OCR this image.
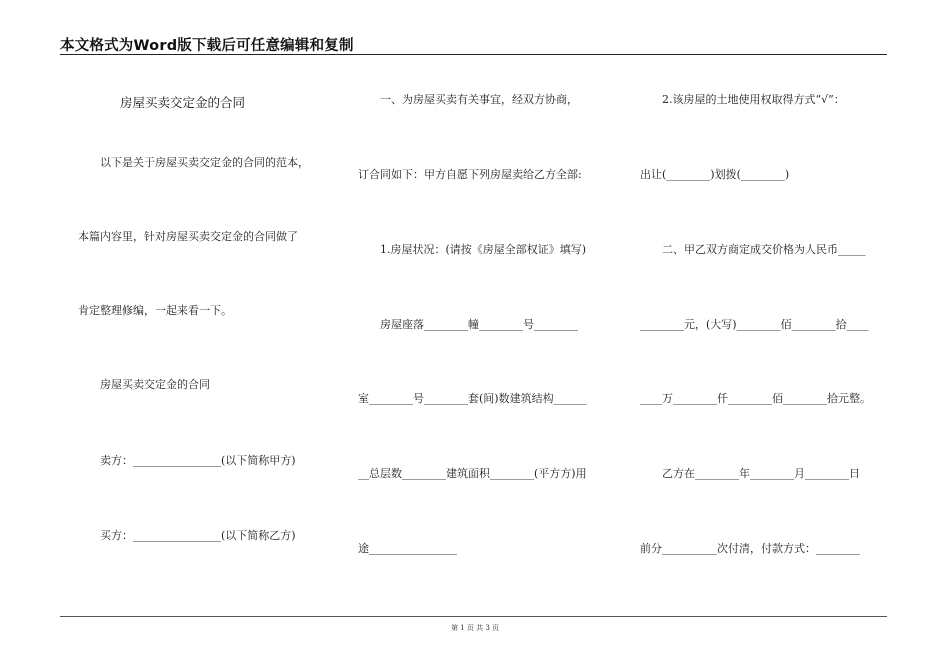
本文格式为Word版下载后可任意编辑和复制
房屋买卖交定金的合同
以下是关于房屋买卖交定金的合同的范本，
本篇内容里，针对房屋买卖交定金的合同做了
肯定整理修编，一起来看一下。
房屋买卖交定金的合同
卖方：________________(以下简称甲方)
买方：________________(以下简称乙方)
一、为房屋买卖有关事宜，经双方协商，
订合同如下：甲方自愿下列房屋卖给乙方全部:
1.房屋状况：(请按《房屋全部权证》填写)
房屋座落________幢________号________
室________号________套(间)数建筑结构______
__总层数________建筑面积________(平方方)用
途________________
2.该房屋的土地使用权取得方式“√”：
出让(________)划拨(________)
二、甲乙双方商定成交价格为人民币_____
________元，(大写)________佰________拾____
____万________仟________佰________拾元整。
乙方在________年________月________日
前分__________次付清，付款方式：________
第 1 页 共 3 页
